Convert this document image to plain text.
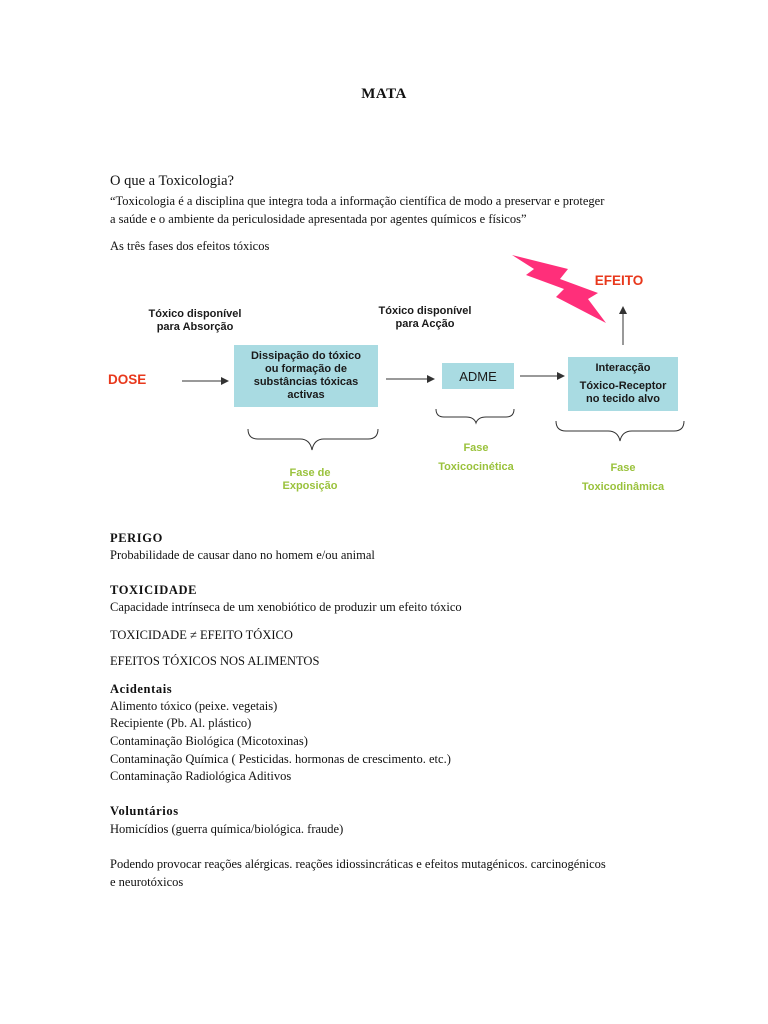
MATA
O que a Toxicologia?
“Toxicologia é a disciplina que integra toda a informação científica de modo a preservar e proteger
a saúde e o ambiente da periculosidade apresentada por agentes químicos e físicos”
As três fases dos efeitos tóxicos
EFEITO
Tóxico disponível
para Absorção
Tóxico disponível
para Acção
DOSE
Dissipação do tóxico
ou formação de
substâncias tóxicas
activas
ADME
Interacção
Tóxico-Receptor
no tecido alvo
Fase de
Exposição
Fase
Toxicocinética	Fase
Toxicodinâmica
PERIGO
Probabilidade de causar dano no homem e/ou animal
TOXICIDADE
Capacidade intrínseca de um xenobiótico de produzir um efeito tóxico
TOXICIDADE ≠ EFEITO TÓXICO
EFEITOS TÓXICOS NOS ALIMENTOS
Acidentais
Alimento tóxico (peixe. vegetais)
Recipiente (Pb. Al. plástico)
Contaminação Biológica (Micotoxinas)
Contaminação Química ( Pesticidas. hormonas de crescimento. etc.)
Contaminação Radiológica Aditivos
Voluntários
Homicídios (guerra química/biológica. fraude)
Podendo provocar reações alérgicas. reações idiossincráticas e efeitos mutagénicos. carcinogénicos
e neurotóxicos
